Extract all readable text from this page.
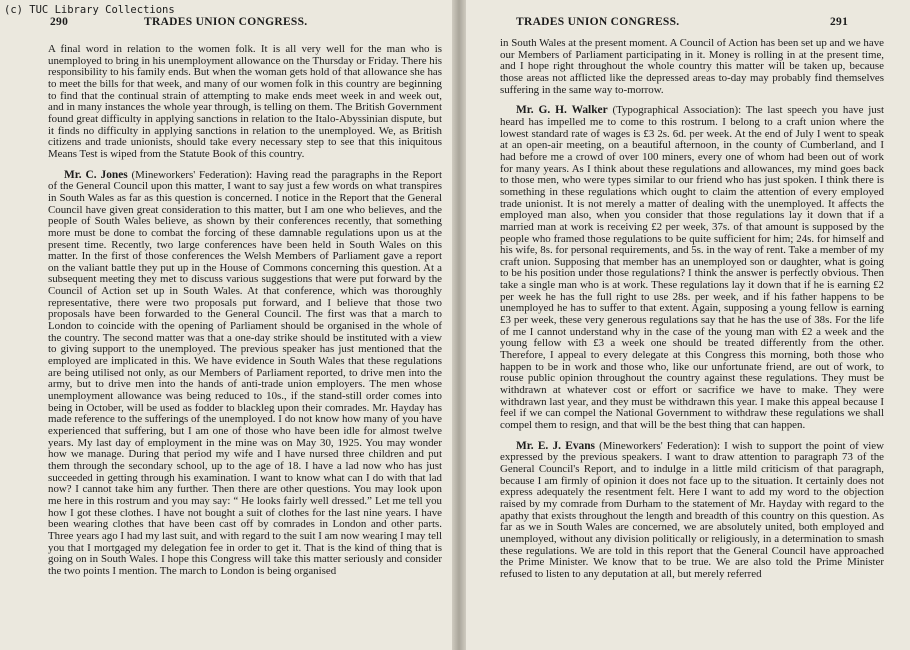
(c) TUC Library Collections
290	TRADES UNION CONGRESS.

A final word in relation to the women folk. It is all very well for the man who is unemployed to bring in his unemployment allowance on the Thursday or Friday. There his responsibility to his family ends. But when the woman gets hold of that allowance she has to meet the bills for that week, and many of our women folk in this country are beginning to find that the continual strain of attempting to make ends meet week in and week out, and in many instances the whole year through, is telling on them. The British Government found great difficulty in applying sanctions in relation to the Italo-Abyssinian dispute, but it finds no difficulty in applying sanctions in relation to the unemployed. We, as British citizens and trade unionists, should take every necessary step to see that this iniquitous Means Test is wiped from the Statute Book of this country.

Mr. C. Jones (Mineworkers' Federation): Having read the paragraphs in the Report of the General Council upon this matter, I want to say just a few words on what transpires in South Wales as far as this question is concerned. I notice in the Report that the General Council have given great consideration to this matter, but I am one who believes, and the people of South Wales believe, as shown by their conferences recently, that something more must be done to combat the forcing of these damnable regulations upon us at the present time. Recently, two large conferences have been held in South Wales on this matter. In the first of those conferences the Welsh Members of Parliament gave a report on the valiant battle they put up in the House of Commons concerning this question. At a subsequent meeting they met to discuss various suggestions that were put forward by the Council of Action set up in South Wales. At that conference, which was thoroughly representative, there were two proposals put forward, and I believe that those two proposals have been forwarded to the General Council. The first was that a march to London to coincide with the opening of Parliament should be organised in the whole of the country. The second matter was that a one-day strike should be instituted with a view to giving support to the unemployed. The previous speaker has just mentioned that the employed are implicated in this. We have evidence in South Wales that these regulations are being utilised not only, as our Members of Parliament reported, to drive men into the army, but to drive men into the hands of anti-trade union employers. The men whose unemployment allowance was being reduced to 10s., if the stand-still order comes into being in October, will be used as fodder to blackleg upon their comrades. Mr. Hayday has made reference to the sufferings of the unemployed. I do not know how many of you have experienced that suffering, but I am one of those who have been idle for almost twelve years. My last day of employment in the mine was on May 30, 1925. You may wonder how we manage. During that period my wife and I have nursed three children and put them through the secondary school, up to the age of 18. I have a lad now who has just succeeded in getting through his examination. I want to know what can I do with that lad now? I cannot take him any further. Then there are other questions. You may look upon me here in this rostrum and you may say: “ He looks fairly well dressed.” Let me tell you how I got these clothes. I have not bought a suit of clothes for the last nine years. I have been wearing clothes that have been cast off by comrades in London and other parts. Three years ago I had my last suit, and with regard to the suit I am now wearing I may tell you that I mortgaged my delegation fee in order to get it. That is the kind of thing that is going on in South Wales. I hope this Congress will take this matter seriously and consider the two points I mention. The march to London is being organised

TRADES UNION CONGRESS.	291

in South Wales at the present moment. A Council of Action has been set up and we have our Members of Parliament participating in it. Money is rolling in at the present time, and I hope right throughout the whole country this matter will be taken up, because those areas not afflicted like the depressed areas to-day may probably find themselves suffering in the same way to-morrow.

Mr. G. H. Walker (Typographical Association): The last speech you have just heard has impelled me to come to this rostrum. I belong to a craft union where the lowest standard rate of wages is £3 2s. 6d. per week. At the end of July I went to speak at an open-air meeting, on a beautiful afternoon, in the county of Cumberland, and I had before me a crowd of over 100 miners, every one of whom had been out of work for many years. As I think about these regulations and allowances, my mind goes back to those men, who were types similar to our friend who has just spoken. I think there is something in these regulations which ought to claim the attention of every employed trade unionist. It is not merely a matter of dealing with the unemployed. It affects the employed man also, when you consider that those regulations lay it down that if a married man at work is receiving £2 per week, 37s. of that amount is supposed by the people who framed those regulations to be quite sufficient for him; 24s. for himself and his wife, 8s. for personal requirements, and 5s. in the way of rent. Take a member of my craft union. Supposing that member has an unemployed son or daughter, what is going to be his position under those regulations? I think the answer is perfectly obvious. Then take a single man who is at work. These regulations lay it down that if he is earning £2 per week he has the full right to use 28s. per week, and if his father happens to be unemployed he has to suffer to that extent. Again, supposing a young fellow is earning £3 per week, these very generous regulations say that he has the use of 38s. For the life of me I cannot understand why in the case of the young man with £2 a week and the young fellow with £3 a week one should be treated differently from the other. Therefore, I appeal to every delegate at this Congress this morning, both those who happen to be in work and those who, like our unfortunate friend, are out of work, to rouse public opinion throughout the country against these regulations. They must be withdrawn at whatever cost or effort or sacrifice we have to make. They were withdrawn last year, and they must be withdrawn this year. I make this appeal because I feel if we can compel the National Government to withdraw these regulations we shall compel them to resign, and that will be the best thing that can happen.

Mr. E. J. Evans (Mineworkers' Federation): I wish to support the point of view expressed by the previous speakers. I want to draw attention to paragraph 73 of the General Council's Report, and to indulge in a little mild criticism of that paragraph, because I am firmly of opinion it does not face up to the situation. It certainly does not express adequately the resentment felt. Here I want to add my word to the objection raised by my comrade from Durham to the statement of Mr. Hayday with regard to the apathy that exists throughout the length and breadth of this country on this question. As far as we in South Wales are concerned, we are absolutely united, both employed and unemployed, without any division politically or religiously, in a determination to smash these regulations. We are told in this report that the General Council have approached the Prime Minister. We know that to be true. We are also told the Prime Minister refused to listen to any deputation at all, but merely referred
